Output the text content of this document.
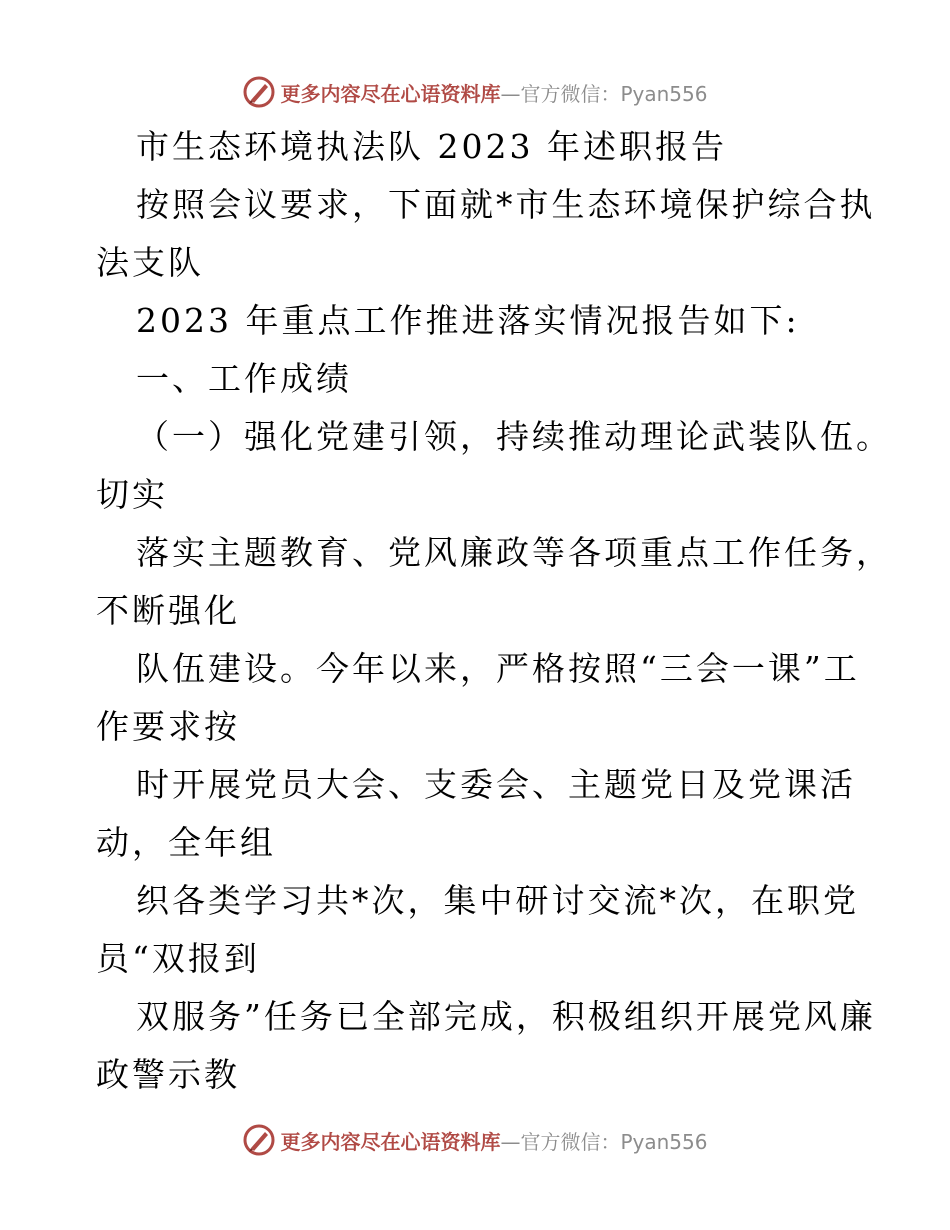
更多内容尽在心语资料库 —官方微信：Pyan556
市生态环境执法队 2023 年述职报告
按照会议要求，下面就*市生态环境保护综合执
法支队
2023 年重点工作推进落实情况报告如下:
一、工作成绩
（一）强化党建引领，持续推动理论武装队伍。
切实
落实主题教育、党风廉政等各项重点工作任务，
不断强化
队伍建设。今年以来，严格按照“三会一课”工
作要求按
时开展党员大会、支委会、主题党日及党课活
动，全年组
织各类学习共*次，集中研讨交流*次，在职党
员“双报到
双服务”任务已全部完成，积极组织开展党风廉
政警示教
更多内容尽在心语资料库 —官方微信：Pyan556
